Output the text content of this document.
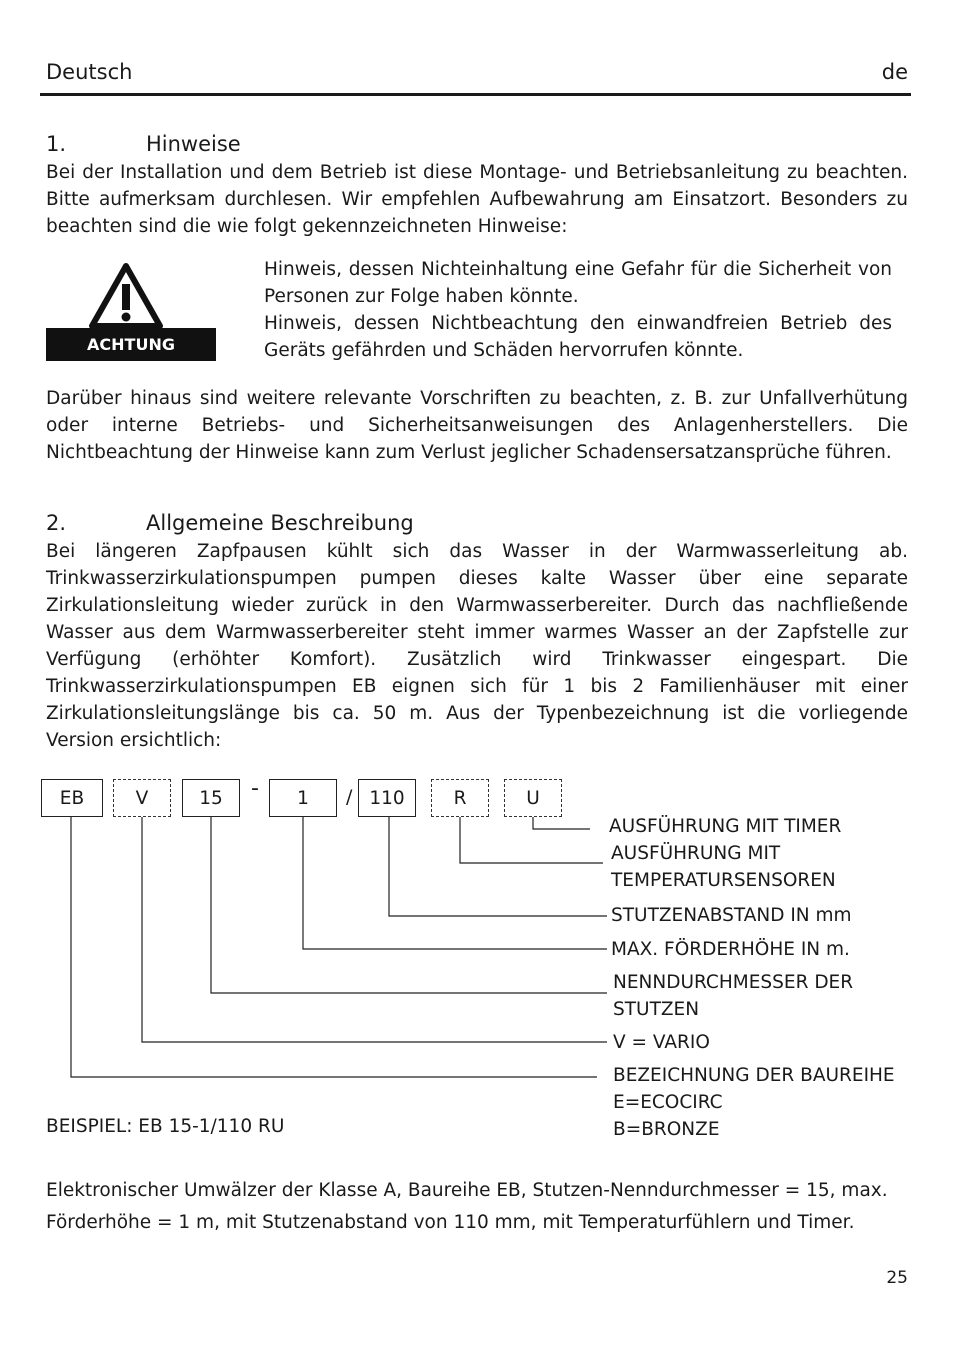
Deutsch	de
1.	Hinweise
Bei der Installation und dem Betrieb ist diese Montage- und Betriebsanleitung zu beachten. Bitte aufmerksam durchlesen. Wir empfehlen Aufbewahrung am Einsatzort. Besonders zu beachten sind die wie folgt gekennzeichneten Hinweise:
ACHTUNG
Hinweis, dessen Nichteinhaltung eine Gefahr für die Sicherheit von Personen zur Folge haben könnte.
Hinweis, dessen Nichtbeachtung den einwandfreien Betrieb des Geräts gefährden und Schäden hervorrufen könnte.
Darüber hinaus sind weitere relevante Vorschriften zu beachten, z. B. zur Unfallverhütung oder interne Betriebs- und Sicherheitsanweisungen des Anlagenherstellers. Die Nichtbeachtung der Hinweise kann zum Verlust jeglicher Schadensersatzansprüche führen.
2.	Allgemeine Beschreibung
Bei längeren Zapfpausen kühlt sich das Wasser in der Warmwasserleitung ab. Trinkwasserzirkulationspumpen pumpen dieses kalte Wasser über eine separate Zirkulationsleitung wieder zurück in den Warmwasserbereiter. Durch das nachfließende Wasser aus dem Warmwasserbereiter steht immer warmes Wasser an der Zapfstelle zur Verfügung (erhöhter Komfort). Zusätzlich wird Trinkwasser eingespart. Die Trinkwasserzirkulationspumpen EB eignen sich für 1 bis 2 Familienhäuser mit einer Zirkulationsleitungslänge bis ca. 50 m. Aus der Typenbezeichnung ist die vorliegende Version ersichtlich:
EB	V	15	-	1	/ 110	R	U
AUSFÜHRUNG MIT TIMER
AUSFÜHRUNG MIT
TEMPERATURSENSOREN
STUTZENABSTAND IN mm
MAX. FÖRDERHÖHE IN m.
NENNDURCHMESSER DER
STUTZEN
V = VARIO
BEZEICHNUNG DER BAUREIHE
E=ECOCIRC
B=BRONZE
BEISPIEL: EB 15-1/110 RU
Elektronischer Umwälzer der Klasse A, Baureihe EB, Stutzen-Nenndurchmesser = 15, max. Förderhöhe = 1 m, mit Stutzenabstand von 110 mm, mit Temperaturfühlern und Timer.
25
